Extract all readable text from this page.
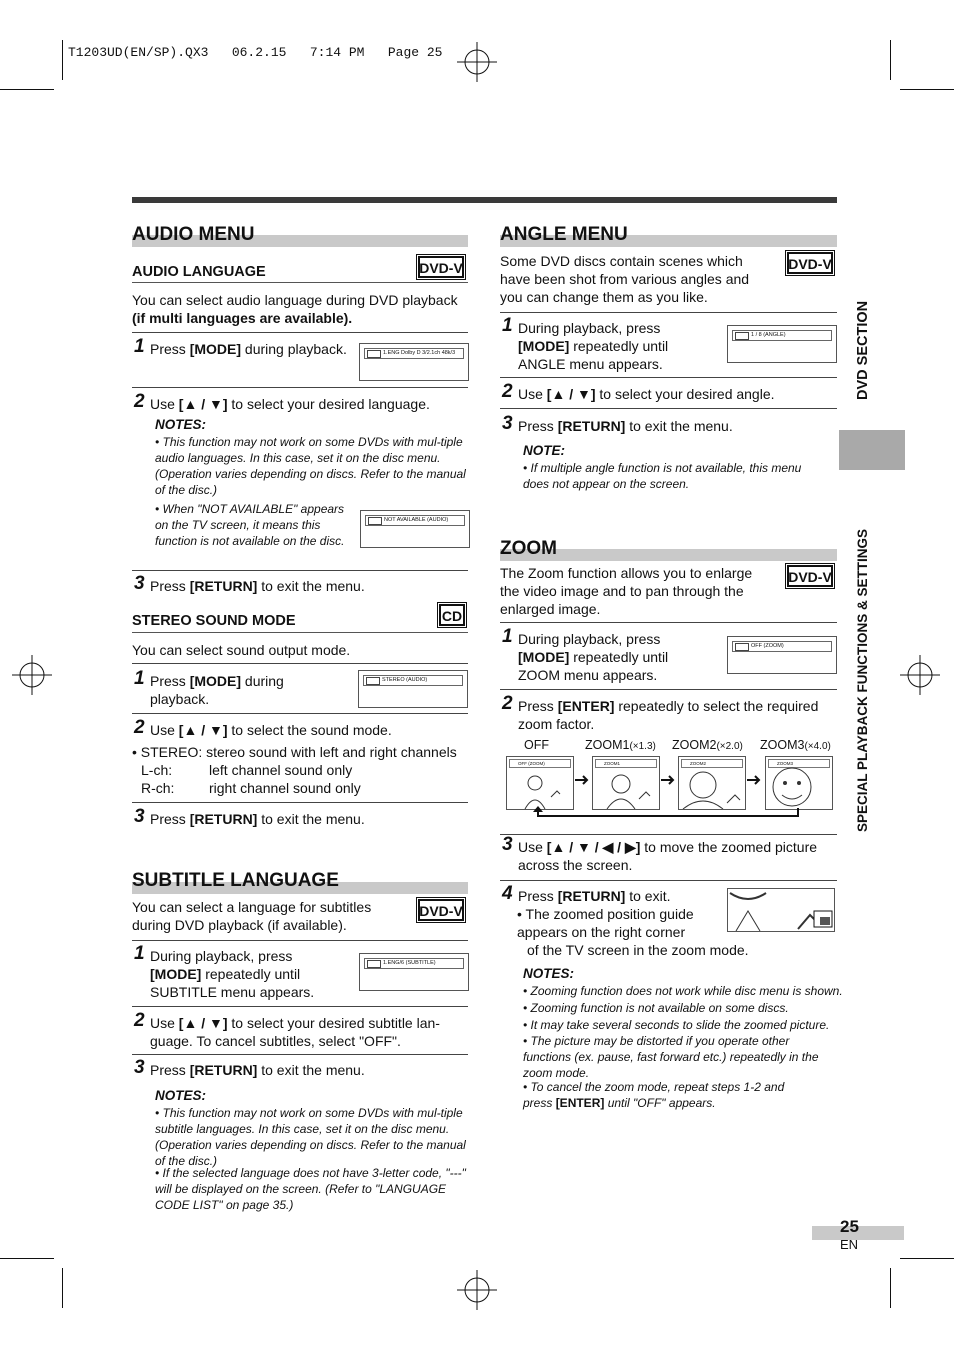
T1203UD(EN/SP).QX3   06.2.15   7:14 PM   Page 25
AUDIO MENU
AUDIO LANGUAGE	DVD-V
You can select audio language during DVD playback
(if multi languages are available).
1 Press [MODE] during playback.	1.ENG Dolby D 3/2.1ch 48k/3
2 Use [▲ / ▼] to select your desired language.
NOTES:
• This function may not work on some DVDs with mul-tiple audio languages. In this case, set it on the disc menu. (Operation varies depending on discs. Refer to the manual of the disc.)
• When "NOT AVAILABLE" appears on the TV screen, it means this function is not available on the disc.
NOT AVAILABLE (AUDIO)
3 Press [RETURN] to exit the menu.
STEREO SOUND MODE	CD
You can select sound output mode.
1 Press [MODE] during playback.
STEREO (AUDIO)
2 Use [▲ / ▼] to select the sound mode.
• STEREO: stereo sound with left and right channels
L-ch:	left channel sound only
R-ch: right channel sound only
3 Press [RETURN] to exit the menu.
SUBTITLE LANGUAGE
DVD-V
You can select a language for subtitles during DVD playback (if available).
1 During playback, press [MODE] repeatedly until SUBTITLE menu appears.
1.ENG/6 (SUBTITLE)
2 Use [▲ / ▼] to select your desired subtitle lan-guage. To cancel subtitles, select "OFF".
3 Press [RETURN] to exit the menu.
NOTES:
• This function may not work on some DVDs with mul-tiple subtitle languages. In this case, set it on the disc menu. (Operation varies depending on discs. Refer to the manual of the disc.)
• If the selected language does not have 3-letter code, "---" will be displayed on the screen. (Refer to "LANGUAGE CODE LIST" on page 35.)
ANGLE MENU
DVD-V
Some DVD discs contain scenes which have been shot from various angles and you can change them as you like.
1 During playback, press [MODE] repeatedly until ANGLE menu appears.
1 / 8 (ANGLE)
2 Use [▲ / ▼] to select your desired angle.
3 Press [RETURN] to exit the menu.
NOTE:
• If multiple angle function is not available, this menu does not appear on the screen.
ZOOM
DVD-V
The Zoom function allows you to enlarge the video image and to pan through the enlarged image.
1 During playback, press [MODE] repeatedly until ZOOM menu appears.
OFF (ZOOM)
2 Press [ENTER] repeatedly to select the required zoom factor.
OFF	ZOOM1(×1.3) ZOOM2(×2.0) ZOOM3(×4.0)
OFF (ZOOM)	ZOOM1	ZOOM2	ZOOM3
3 Use [▲ / ▼ / ◀ / ▶] to move the zoomed picture across the screen.
4 Press [RETURN] to exit.
• The zoomed position guide appears on the right corner
of the TV screen in the zoom mode.
NOTES:
• Zooming function does not work while disc menu is shown.
• Zooming function is not available on some discs.
• It may take several seconds to slide the zoomed picture.
• The picture may be distorted if you operate other functions (ex. pause, fast forward etc.) repeatedly in the zoom mode.
• To cancel the zoom mode, repeat steps 1-2 and press [ENTER] until "OFF" appears.
DVD SECTION
SPECIAL PLAYBACK FUNCTIONS & SETTINGS
25
EN
